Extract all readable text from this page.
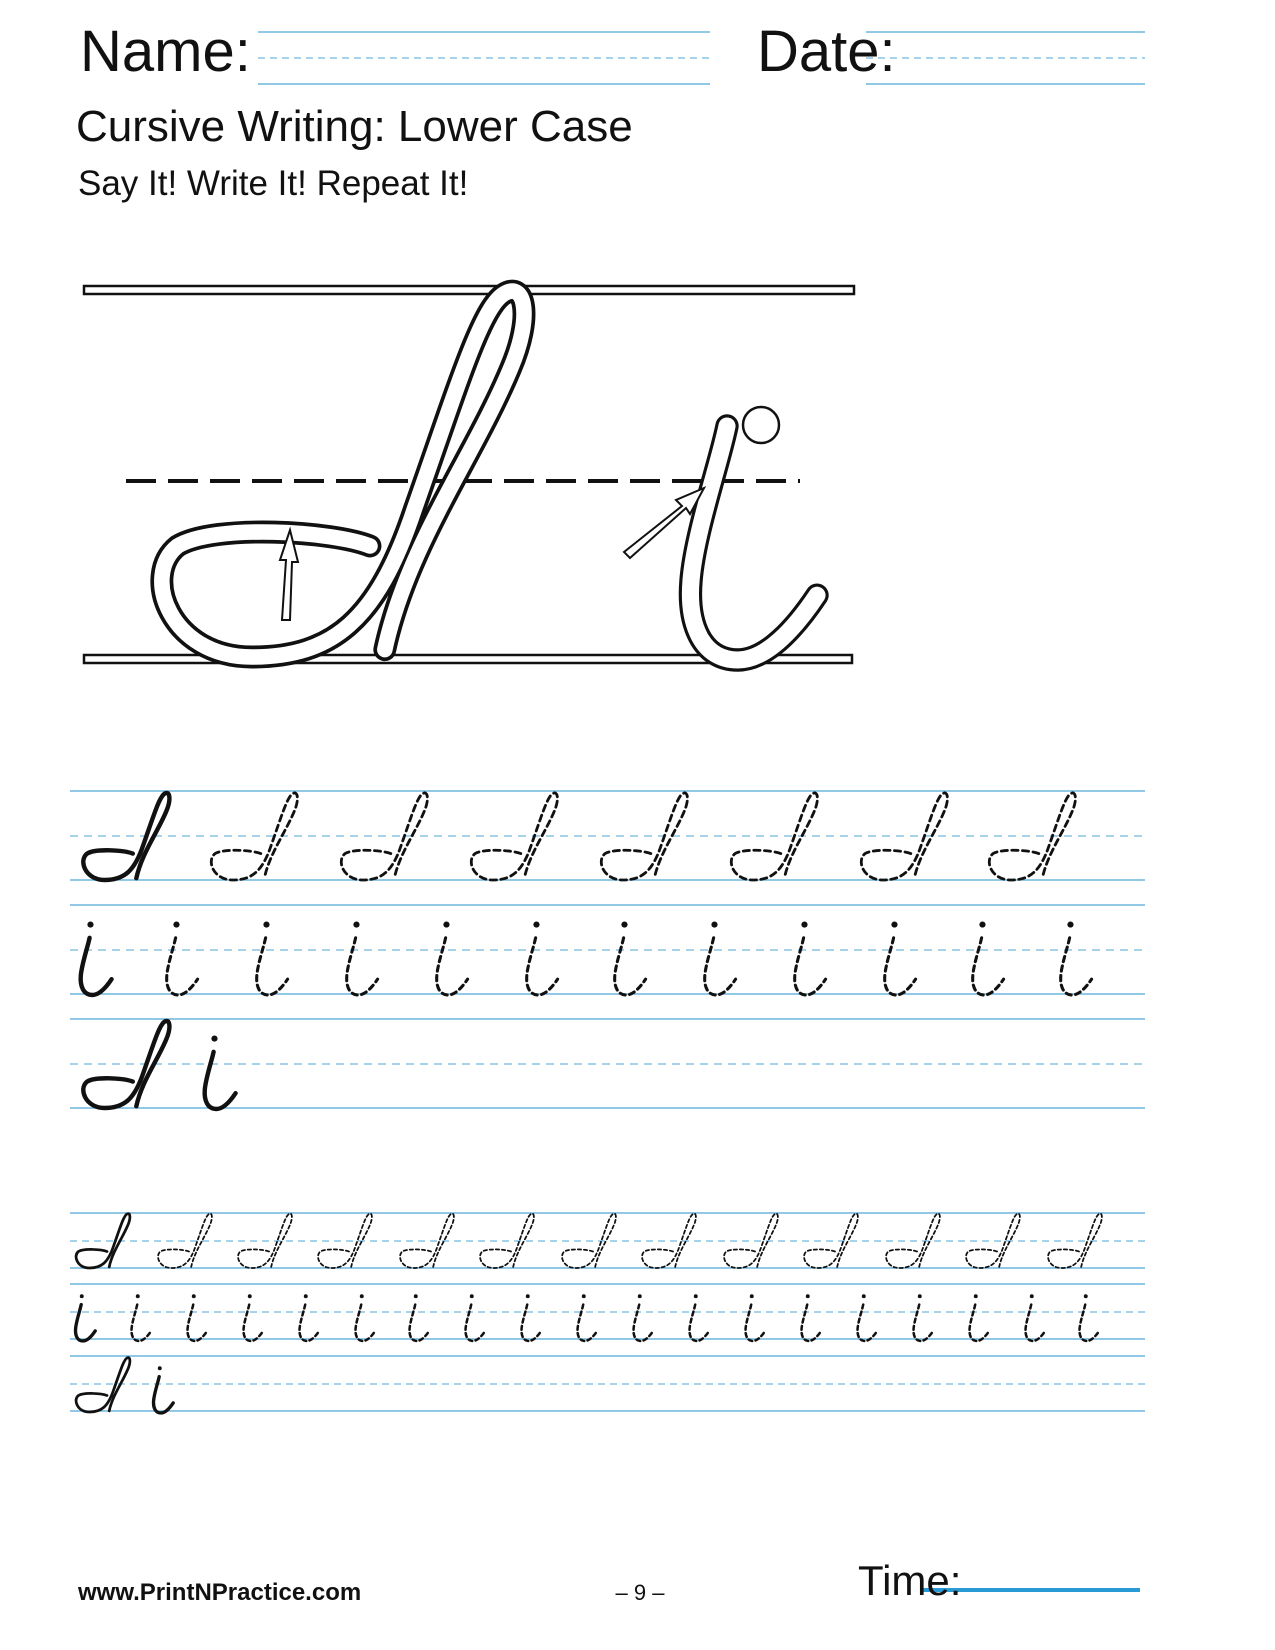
Name:	Date:
Cursive Writing: Lower Case
Say It! Write It! Repeat It!
www.PrintNPractice.com	– 9 –	Time:
